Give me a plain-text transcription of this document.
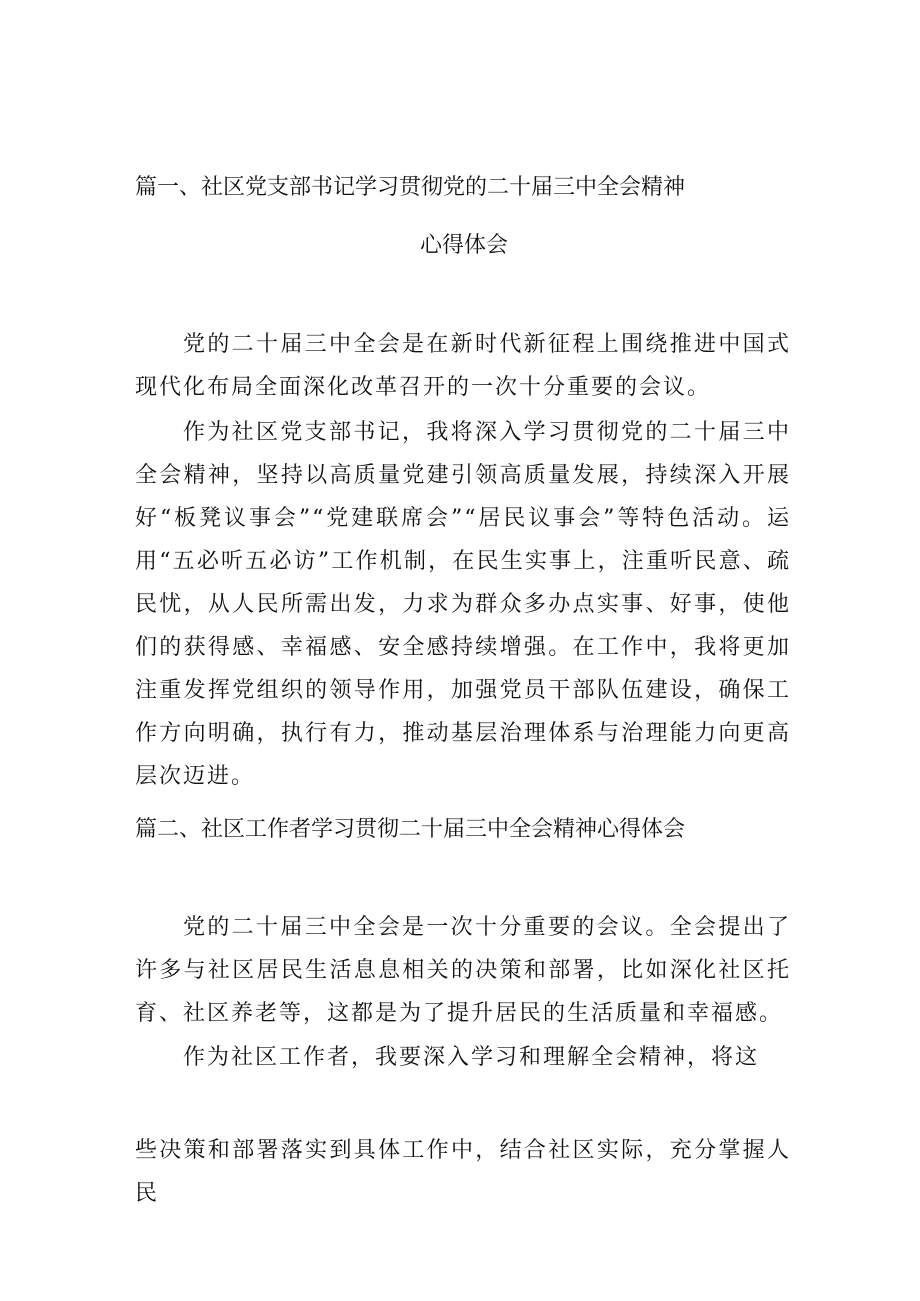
篇一、社区党支部书记学习贯彻党的二十届三中全会精神
心得体会

党的二十届三中全会是在新时代新征程上围绕推进中国式现代化布局全面深化改革召开的一次十分重要的会议。

作为社区党支部书记，我将深入学习贯彻党的二十届三中全会精神，坚持以高质量党建引领高质量发展，持续深入开展好“板凳议事会”“党建联席会”“居民议事会”等特色活动。运用“五必听五必访”工作机制，在民生实事上，注重听民意、疏民忧，从人民所需出发，力求为群众多办点实事、好事，使他们的获得感、幸福感、安全感持续增强。在工作中，我将更加注重发挥党组织的领导作用，加强党员干部队伍建设，确保工作方向明确，执行有力，推动基层治理体系与治理能力向更高层次迈进。

篇二、社区工作者学习贯彻二十届三中全会精神心得体会

党的二十届三中全会是一次十分重要的会议。全会提出了许多与社区居民生活息息相关的决策和部署，比如深化社区托育、社区养老等，这都是为了提升居民的生活质量和幸福感。

作为社区工作者，我要深入学习和理解全会精神，将这

些决策和部署落实到具体工作中，结合社区实际，充分掌握人民
